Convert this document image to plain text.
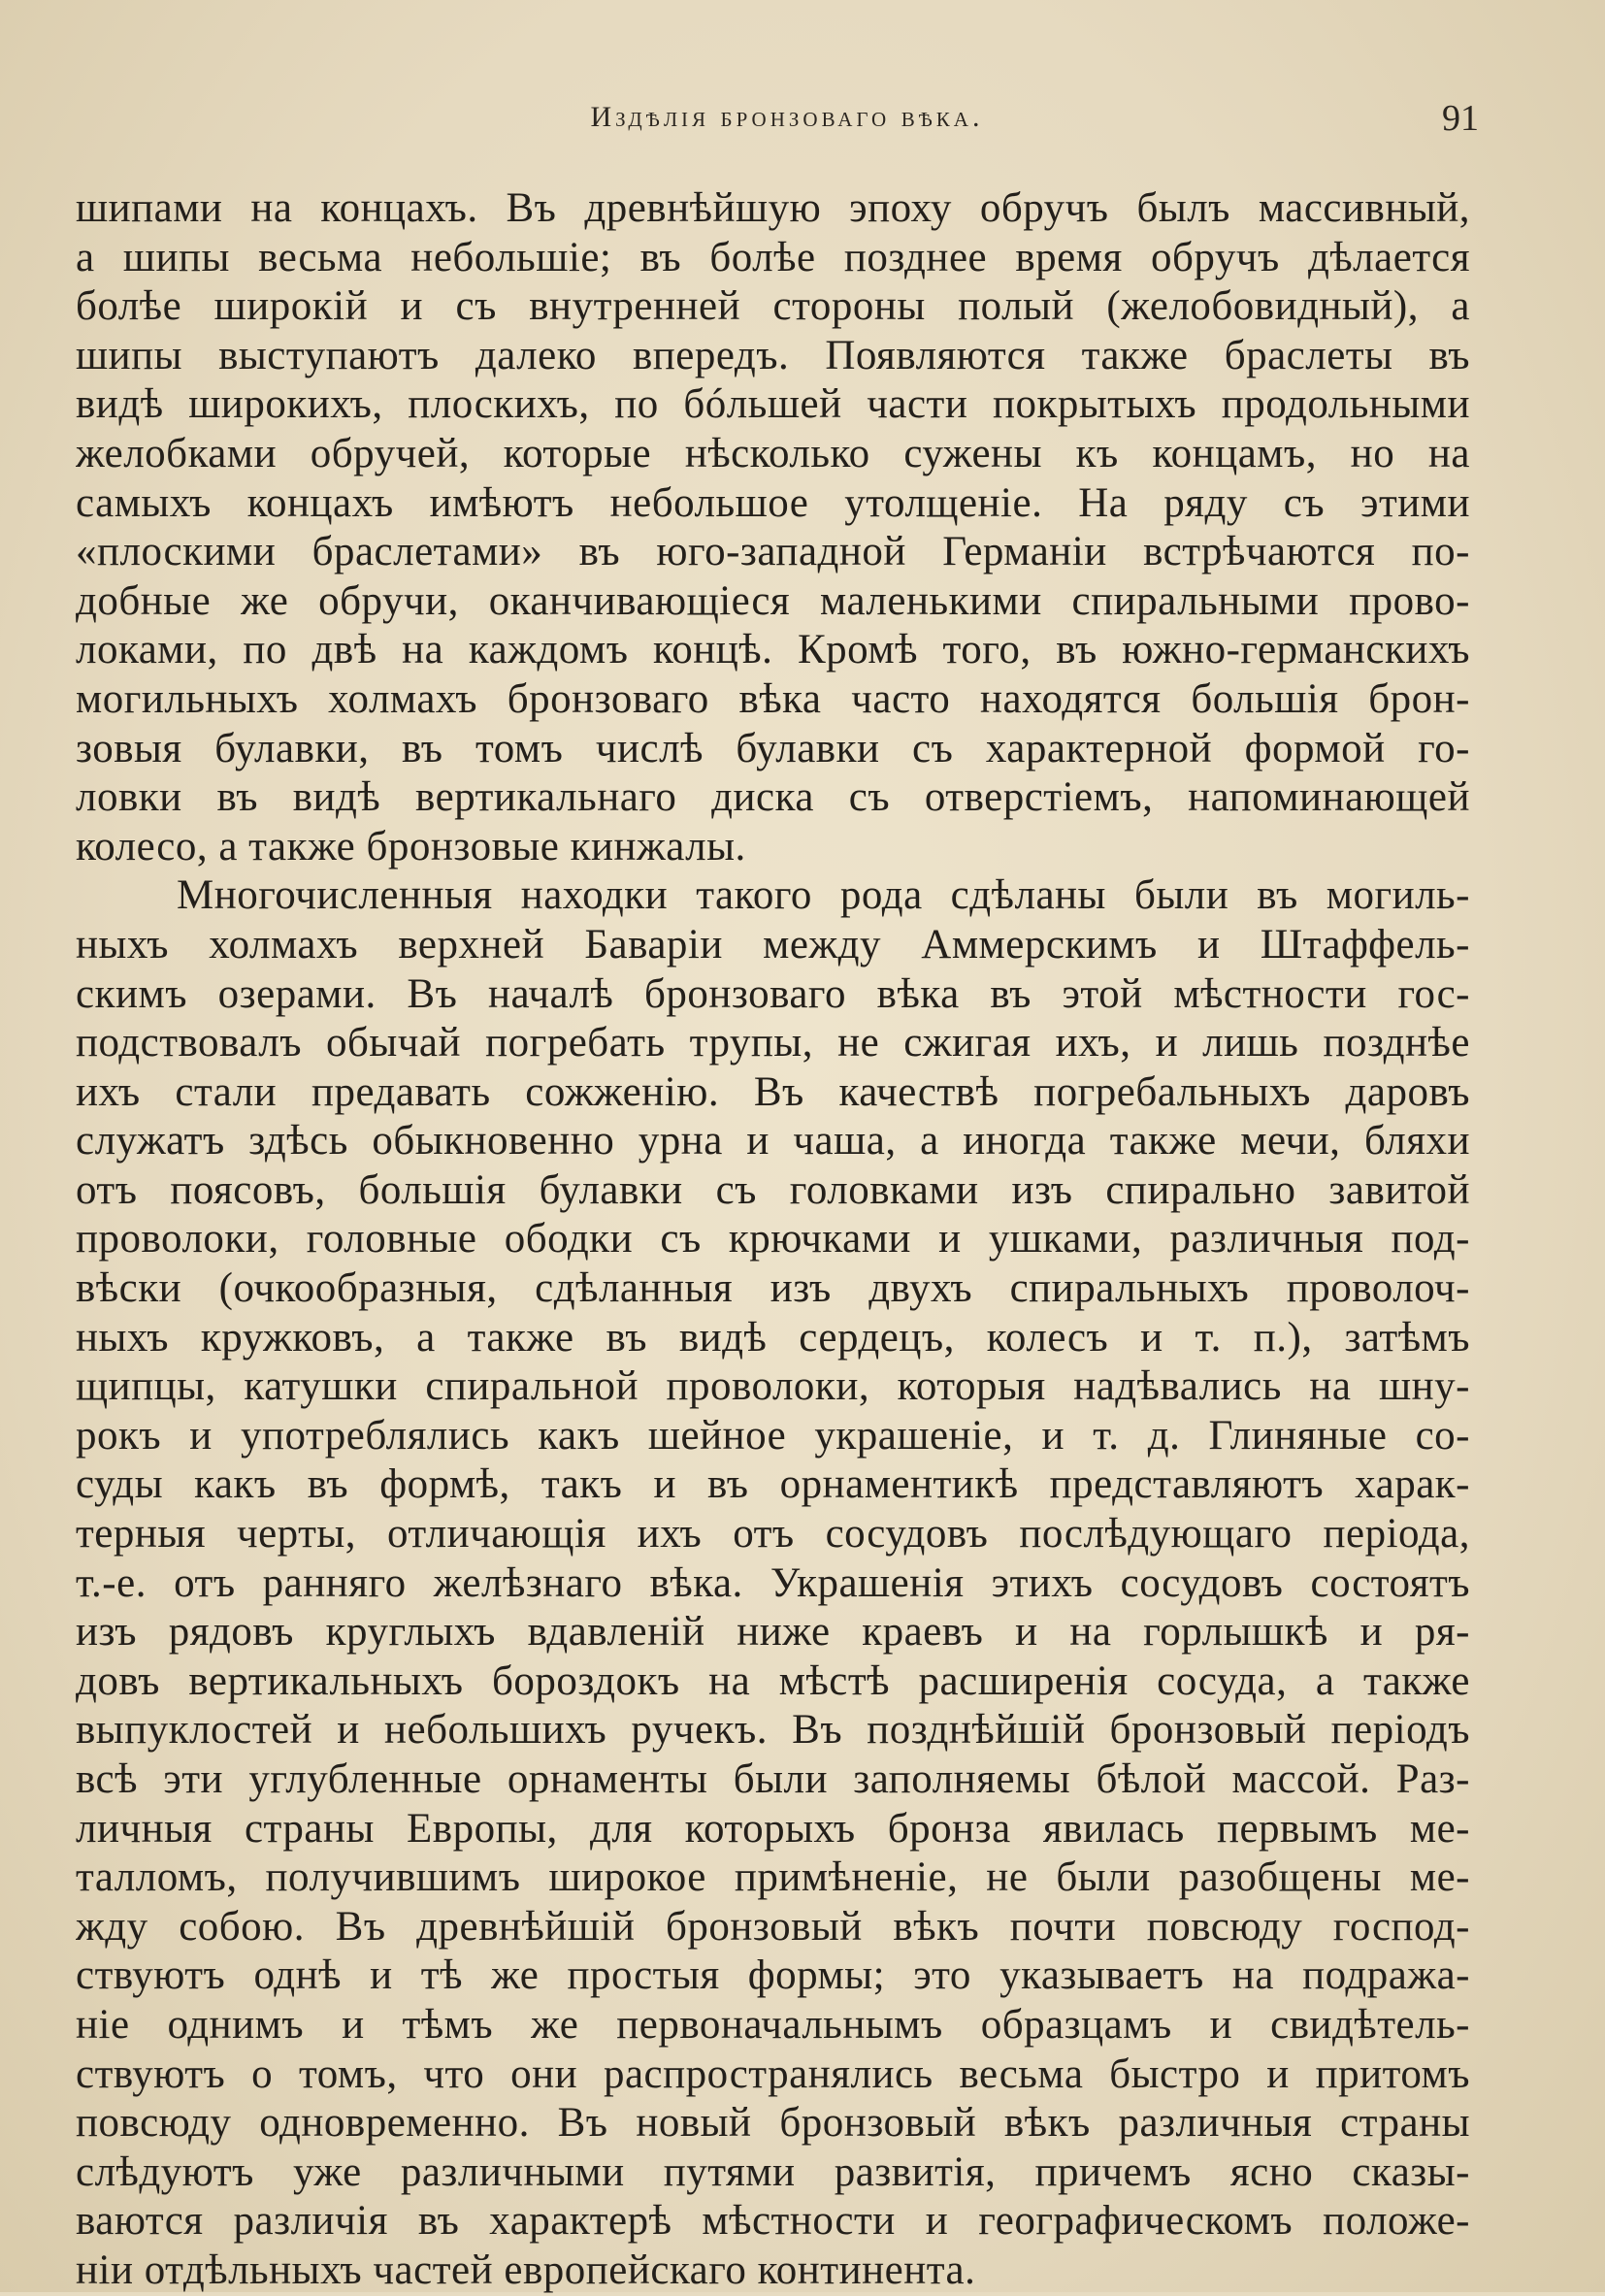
Издѣлія бронзоваго вѣка.	91
шипами на концахъ. Въ древнѣйшую эпоху обручъ былъ массивный,
а шипы весьма небольшіе; въ болѣе позднее время обручъ дѣлается
болѣе широкій и съ внутренней стороны полый (желобовидный), а
шипы выступаютъ далеко впередъ. Появляются также браслеты въ
видѣ широкихъ, плоскихъ, по бóльшей части покрытыхъ продольными
желобками обручей, которые нѣсколько сужены къ концамъ, но на
самыхъ концахъ имѣютъ небольшое утолщеніе. На ряду съ этими
«плоскими браслетами» въ юго-западной Германіи встрѣчаются по-
добные же обручи, оканчивающіеся маленькими спиральными прово-
локами, по двѣ на каждомъ концѣ. Кромѣ того, въ южно-германскихъ
могильныхъ холмахъ бронзоваго вѣка часто находятся большія брон-
зовыя булавки, въ томъ числѣ булавки съ характерной формой го-
ловки въ видѣ вертикальнаго диска съ отверстіемъ, напоминающей
колесо, а также бронзовые кинжалы.
Многочисленныя находки такого рода сдѣланы были въ могиль-
ныхъ холмахъ верхней Баваріи между Аммерскимъ и Штаффель-
скимъ озерами. Въ началѣ бронзоваго вѣка въ этой мѣстности гос-
подствовалъ обычай погребать трупы, не сжигая ихъ, и лишь позднѣе
ихъ стали предавать сожженію. Въ качествѣ погребальныхъ даровъ
служатъ здѣсь обыкновенно урна и чаша, а иногда также мечи, бляхи
отъ поясовъ, большія булавки съ головками изъ спирально завитой
проволоки, головные ободки съ крючками и ушками, различныя под-
вѣски (очкообразныя, сдѣланныя изъ двухъ спиральныхъ проволоч-
ныхъ кружковъ, а также въ видѣ сердецъ, колесъ и т. п.), затѣмъ
щипцы, катушки спиральной проволоки, которыя надѣвались на шну-
рокъ и употреблялись какъ шейное украшеніе, и т. д. Глиняные со-
суды какъ въ формѣ, такъ и въ орнаментикѣ представляютъ харак-
терныя черты, отличающія ихъ отъ сосудовъ послѣдующаго періода,
т.-е. отъ ранняго желѣзнаго вѣка. Украшенія этихъ сосудовъ состоятъ
изъ рядовъ круглыхъ вдавленій ниже краевъ и на горлышкѣ и ря-
довъ вертикальныхъ бороздокъ на мѣстѣ расширенія сосуда, а также
выпуклостей и небольшихъ ручекъ. Въ позднѣйшій бронзовый періодъ
всѣ эти углубленные орнаменты были заполняемы бѣлой массой. Раз-
личныя страны Европы, для которыхъ бронза явилась первымъ ме-
талломъ, получившимъ широкое примѣненіе, не были разобщены ме-
жду собою. Въ древнѣйшій бронзовый вѣкъ почти повсюду господ-
ствуютъ однѣ и тѣ же простыя формы; это указываетъ на подража-
ніе однимъ и тѣмъ же первоначальнымъ образцамъ и свидѣтель-
ствуютъ о томъ, что они распространялись весьма быстро и притомъ
повсюду одновременно. Въ новый бронзовый вѣкъ различныя страны
слѣдуютъ уже различными путями развитія, причемъ ясно сказы-
ваются различія въ характерѣ мѣстности и географическомъ положе-
ніи отдѣльныхъ частей европейскаго континента.
